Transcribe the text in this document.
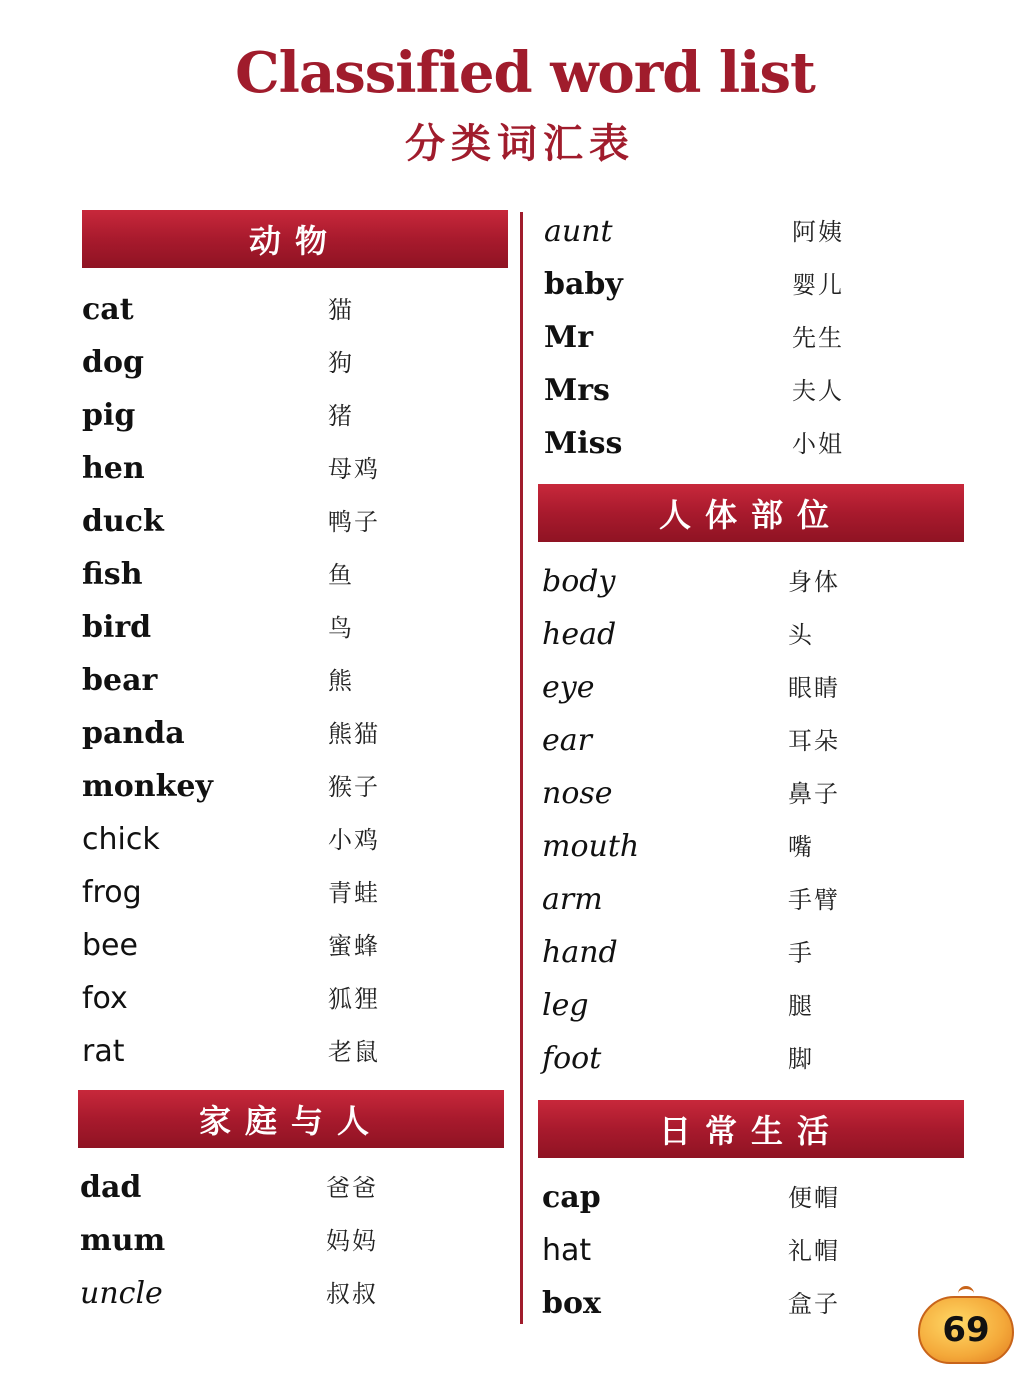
Classified word list
分类词汇表
动物
cat	猫
dog	狗
pig	猪
hen	母鸡
duck	鸭子
fish	鱼
bird	鸟
bear	熊
panda	熊猫
monkey	猴子
chick	小鸡
frog	青蛙
bee	蜜蜂
fox	狐狸
rat	老鼠
家庭与人
dad	爸爸
mum	妈妈
uncle	叔叔
aunt	阿姨
baby	婴儿
Mr	先生
Mrs	夫人
Miss	小姐
人体部位
body	身体
head	头
eye	眼睛
ear	耳朵
nose	鼻子
mouth	嘴
arm	手臂
hand	手
leg	腿
foot	脚
日常生活
cap	便帽
hat	礼帽
box	盒子
69
